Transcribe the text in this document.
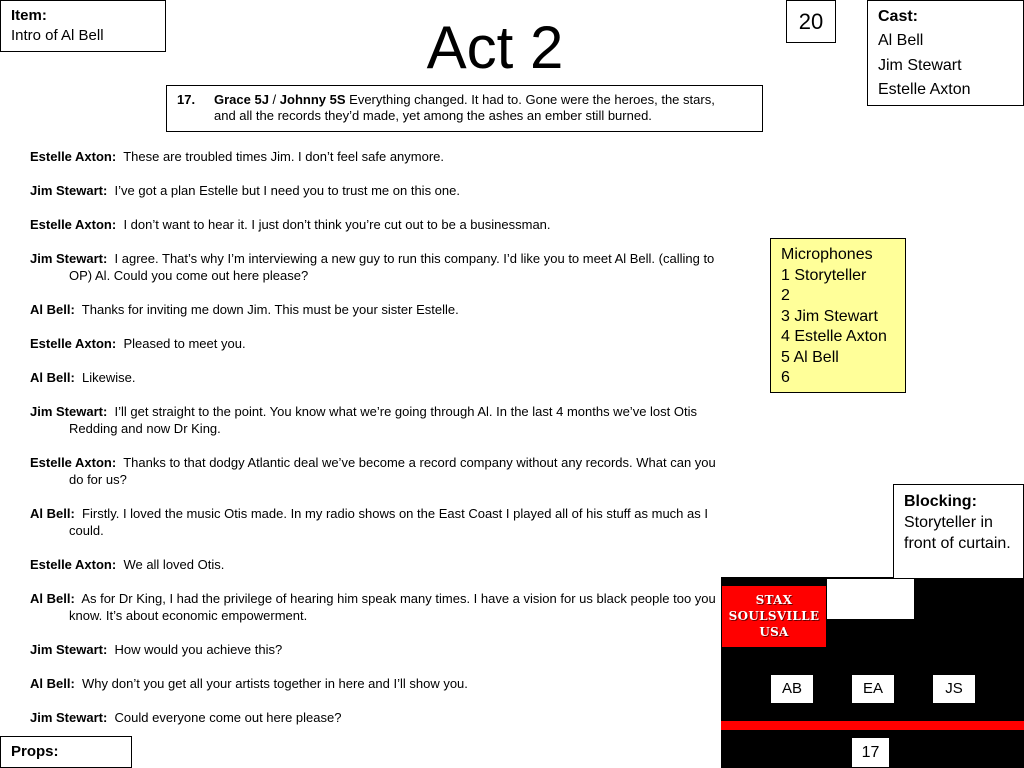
Item:
Intro of Al Bell	Act 2	20	Cast:
Al Bell
Jim Stewart
Estelle Axton
17. Grace 5J / Johnny 5S Everything changed. It had to. Gone were the heroes, the stars, and all the records they’d made, yet among the ashes an ember still burned.

Estelle Axton: These are troubled times Jim. I don’t feel safe anymore.

Jim Stewart: I’ve got a plan Estelle but I need you to trust me on this one.

Estelle Axton: I don’t want to hear it. I just don’t think you’re cut out to be a businessman.

Jim Stewart: I agree. That’s why I’m interviewing a new guy to run this company. I’d like you to meet Al Bell. (calling to OP) Al. Could you come out here please?

Al Bell: Thanks for inviting me down Jim. This must be your sister Estelle.

Estelle Axton: Pleased to meet you.

Al Bell: Likewise.

Jim Stewart: I’ll get straight to the point. You know what we’re going through Al. In the last 4 months we’ve lost Otis Redding and now Dr King.

Estelle Axton: Thanks to that dodgy Atlantic deal we’ve become a record company without any records. What can you do for us?

Al Bell: Firstly. I loved the music Otis made. In my radio shows on the East Coast I played all of his stuff as much as I could.

Estelle Axton: We all loved Otis.

Al Bell: As for Dr King, I had the privilege of hearing him speak many times. I have a vision for us black people too you know. It’s about economic empowerment.

Jim Stewart: How would you achieve this?

Al Bell: Why don’t you get all your artists together in here and I’ll show you.

Jim Stewart: Could everyone come out here please?

Microphones
1 Storyteller
2
3 Jim Stewart
4 Estelle Axton
5 Al Bell
6
Blocking:
Storyteller in front of curtain.
STAX
SOULSVILLE
USA
AB	EA	JS
17
Props:
